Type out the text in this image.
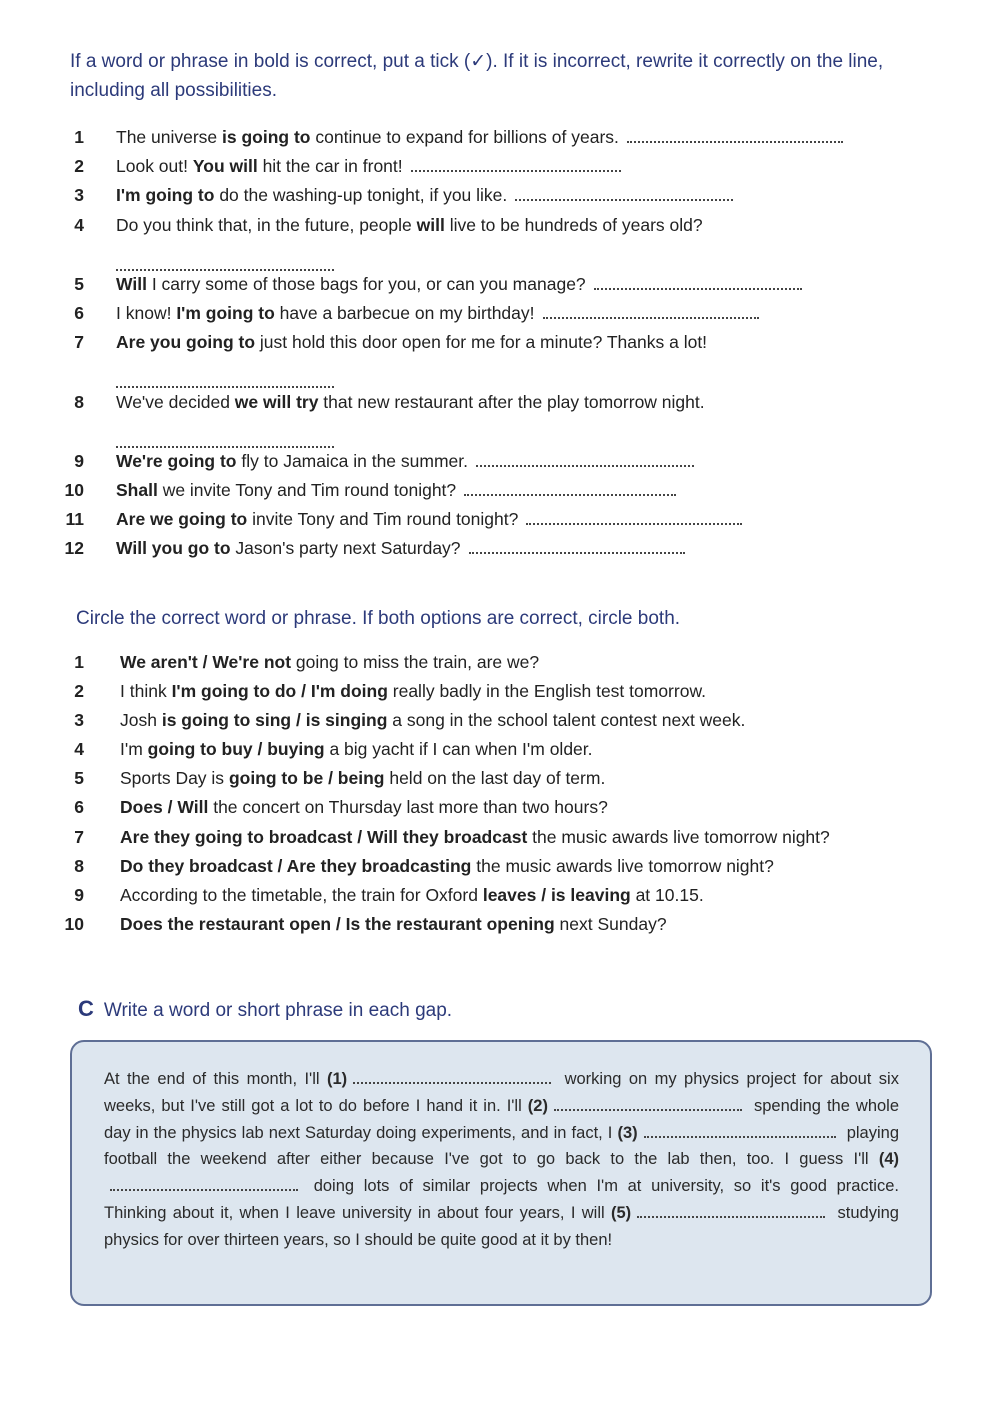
If a word or phrase in bold is correct, put a tick (✓). If it is incorrect, rewrite it correctly on the line, including all possibilities.
1 The universe is going to continue to expand for billions of years.
2 Look out! You will hit the car in front!
3 I'm going to do the washing-up tonight, if you like.
4 Do you think that, in the future, people will live to be hundreds of years old?
5 Will I carry some of those bags for you, or can you manage?
6 I know! I'm going to have a barbecue on my birthday!
7 Are you going to just hold this door open for me for a minute? Thanks a lot!
8 We've decided we will try that new restaurant after the play tomorrow night.
9 We're going to fly to Jamaica in the summer.
10 Shall we invite Tony and Tim round tonight?
11 Are we going to invite Tony and Tim round tonight?
12 Will you go to Jason's party next Saturday?
Circle the correct word or phrase. If both options are correct, circle both.
1 We aren't / We're not going to miss the train, are we?
2 I think I'm going to do / I'm doing really badly in the English test tomorrow.
3 Josh is going to sing / is singing a song in the school talent contest next week.
4 I'm going to buy / buying a big yacht if I can when I'm older.
5 Sports Day is going to be / being held on the last day of term.
6 Does / Will the concert on Thursday last more than two hours?
7 Are they going to broadcast / Will they broadcast the music awards live tomorrow night?
8 Do they broadcast / Are they broadcasting the music awards live tomorrow night?
9 According to the timetable, the train for Oxford leaves / is leaving at 10.15.
10 Does the restaurant open / Is the restaurant opening next Sunday?
C Write a word or short phrase in each gap.
At the end of this month, I'll (1)	working on my physics project for about six weeks, but I've still got a lot to do before I hand it in. I'll (2)	spending the whole day in the physics lab next Saturday doing experiments, and in fact, I (3)	playing football the weekend after either because I've got to go back to the lab then, too. I guess I'll (4) doing lots of similar projects when I'm at university, so it's good practice. Thinking about it, when I leave university in about four years, I will (5)	studying physics for over thirteen years, so I should be quite good at it by then!
